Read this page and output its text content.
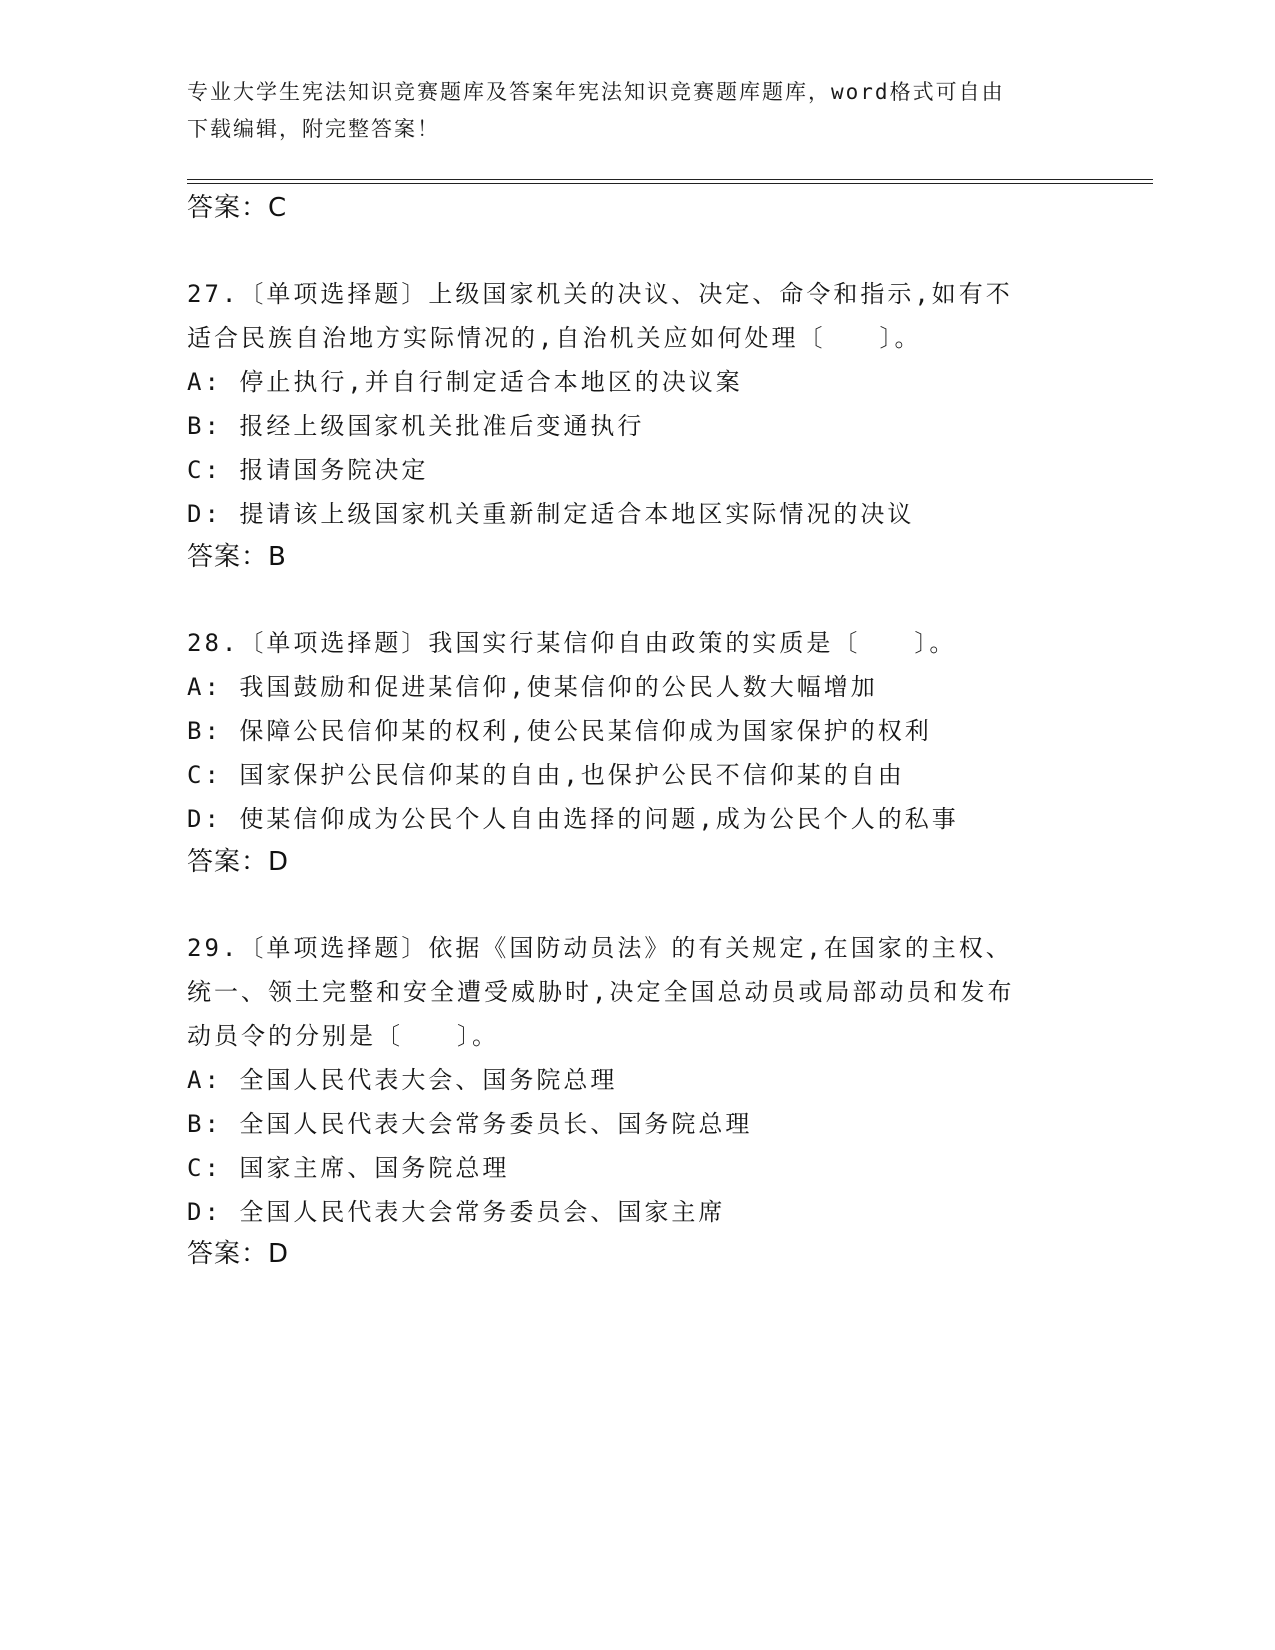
专业大学生宪法知识竞赛题库及答案年宪法知识竞赛题库题库，word格式可自由
下载编辑，附完整答案！
答案：C
27.〔单项选择题〕上级国家机关的决议、决定、命令和指示,如有不
适合民族自治地方实际情况的,自治机关应如何处理〔　　〕。
A: 停止执行,并自行制定适合本地区的决议案
B: 报经上级国家机关批准后变通执行
C: 报请国务院决定
D: 提请该上级国家机关重新制定适合本地区实际情况的决议
答案：B
28.〔单项选择题〕我国实行某信仰自由政策的实质是〔　　〕。
A: 我国鼓励和促进某信仰,使某信仰的公民人数大幅增加
B: 保障公民信仰某的权利,使公民某信仰成为国家保护的权利
C: 国家保护公民信仰某的自由,也保护公民不信仰某的自由
D: 使某信仰成为公民个人自由选择的问题,成为公民个人的私事
答案：D
29.〔单项选择题〕依据《国防动员法》的有关规定,在国家的主权、
统一、领土完整和安全遭受威胁时,决定全国总动员或局部动员和发布
动员令的分别是〔　　〕。
A: 全国人民代表大会、国务院总理
B: 全国人民代表大会常务委员长、国务院总理
C: 国家主席、国务院总理
D: 全国人民代表大会常务委员会、国家主席
答案：D
